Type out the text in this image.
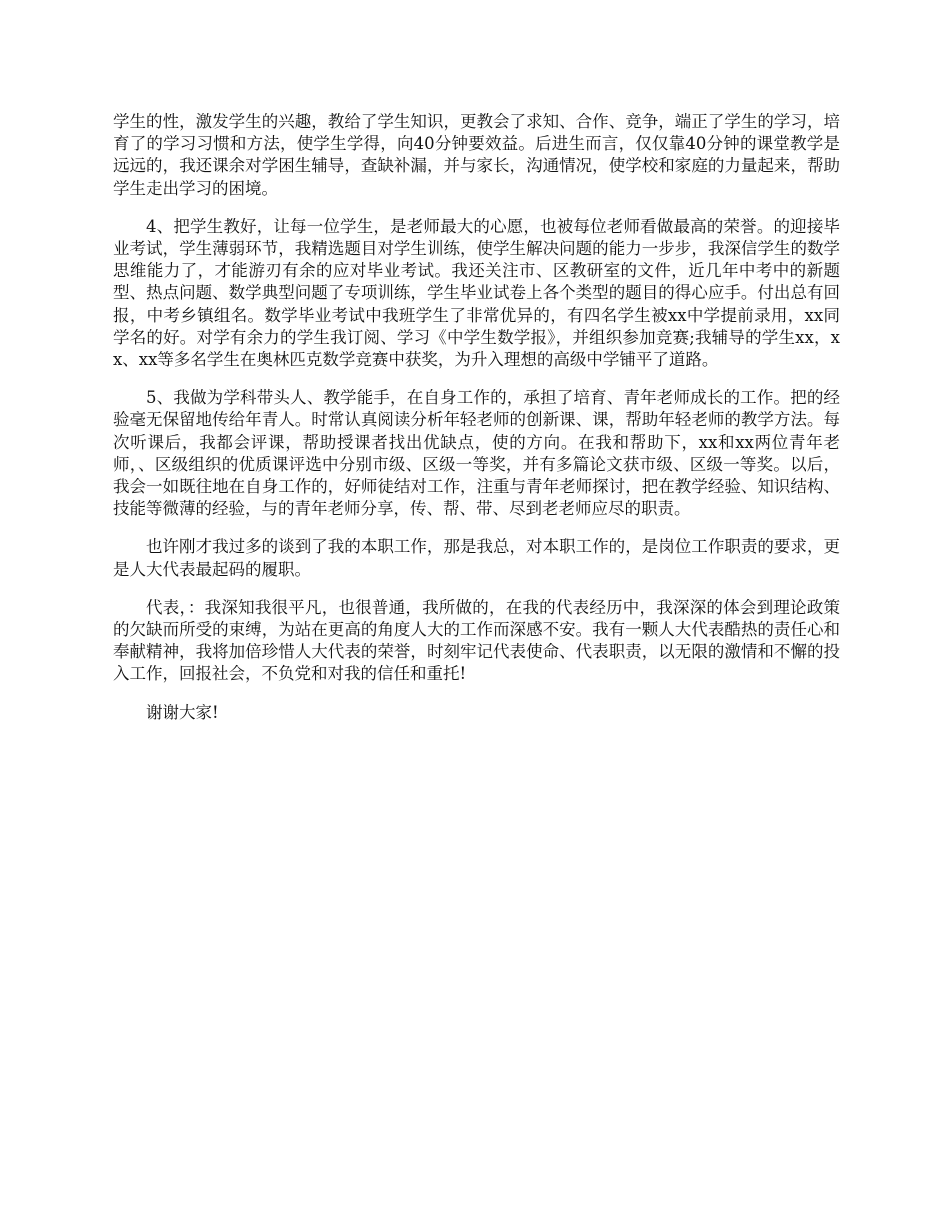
学生的性，激发学生的兴趣，教给了学生知识，更教会了求知、合作、竞争，端正了学生的学习，培育了的学习习惯和方法，使学生学得，向40分钟要效益。后进生而言，仅仅靠40分钟的课堂教学是远远的，我还课余对学困生辅导，查缺补漏，并与家长，沟通情况，使学校和家庭的力量起来，帮助学生走出学习的困境。

4、把学生教好，让每一位学生，是老师最大的心愿，也被每位老师看做最高的荣誉。的迎接毕业考试，学生薄弱环节，我精选题目对学生训练，使学生解决问题的能力一步步，我深信学生的数学思维能力了，才能游刃有余的应对毕业考试。我还关注市、区教研室的文件，近几年中考中的新题型、热点问题、数学典型问题了专项训练，学生毕业试卷上各个类型的题目的得心应手。付出总有回报，中考乡镇组名。数学毕业考试中我班学生了非常优异的，有四名学生被xx中学提前录用，xx同学名的好。对学有余力的学生我订阅、学习《中学生数学报》，并组织参加竞赛;我辅导的学生xx，xx、xx等多名学生在奥林匹克数学竞赛中获奖，为升入理想的高级中学铺平了道路。

5、我做为学科带头人、教学能手，在自身工作的，承担了培育、青年老师成长的工作。把的经验毫无保留地传给年青人。时常认真阅读分析年轻老师的创新课、课，帮助年轻老师的教学方法。每次听课后，我都会评课，帮助授课者找出优缺点，使的方向。在我和帮助下，xx和xx两位青年老师，、区级组织的优质课评选中分别市级、区级一等奖，并有多篇论文获市级、区级一等奖。以后，我会一如既往地在自身工作的，好师徒结对工作，注重与青年老师探讨，把在教学经验、知识结构、技能等微薄的经验，与的青年老师分享，传、帮、带、尽到老老师应尽的职责。

也许刚才我过多的谈到了我的本职工作，那是我总，对本职工作的，是岗位工作职责的要求，更是人大代表最起码的履职。

代表，：我深知我很平凡，也很普通，我所做的，在我的代表经历中，我深深的体会到理论政策的欠缺而所受的束缚，为站在更高的角度人大的工作而深感不安。我有一颗人大代表酷热的责任心和奉献精神，我将加倍珍惜人大代表的荣誉，时刻牢记代表使命、代表职责，以无限的激情和不懈的投入工作，回报社会，不负党和对我的信任和重托!

谢谢大家!
